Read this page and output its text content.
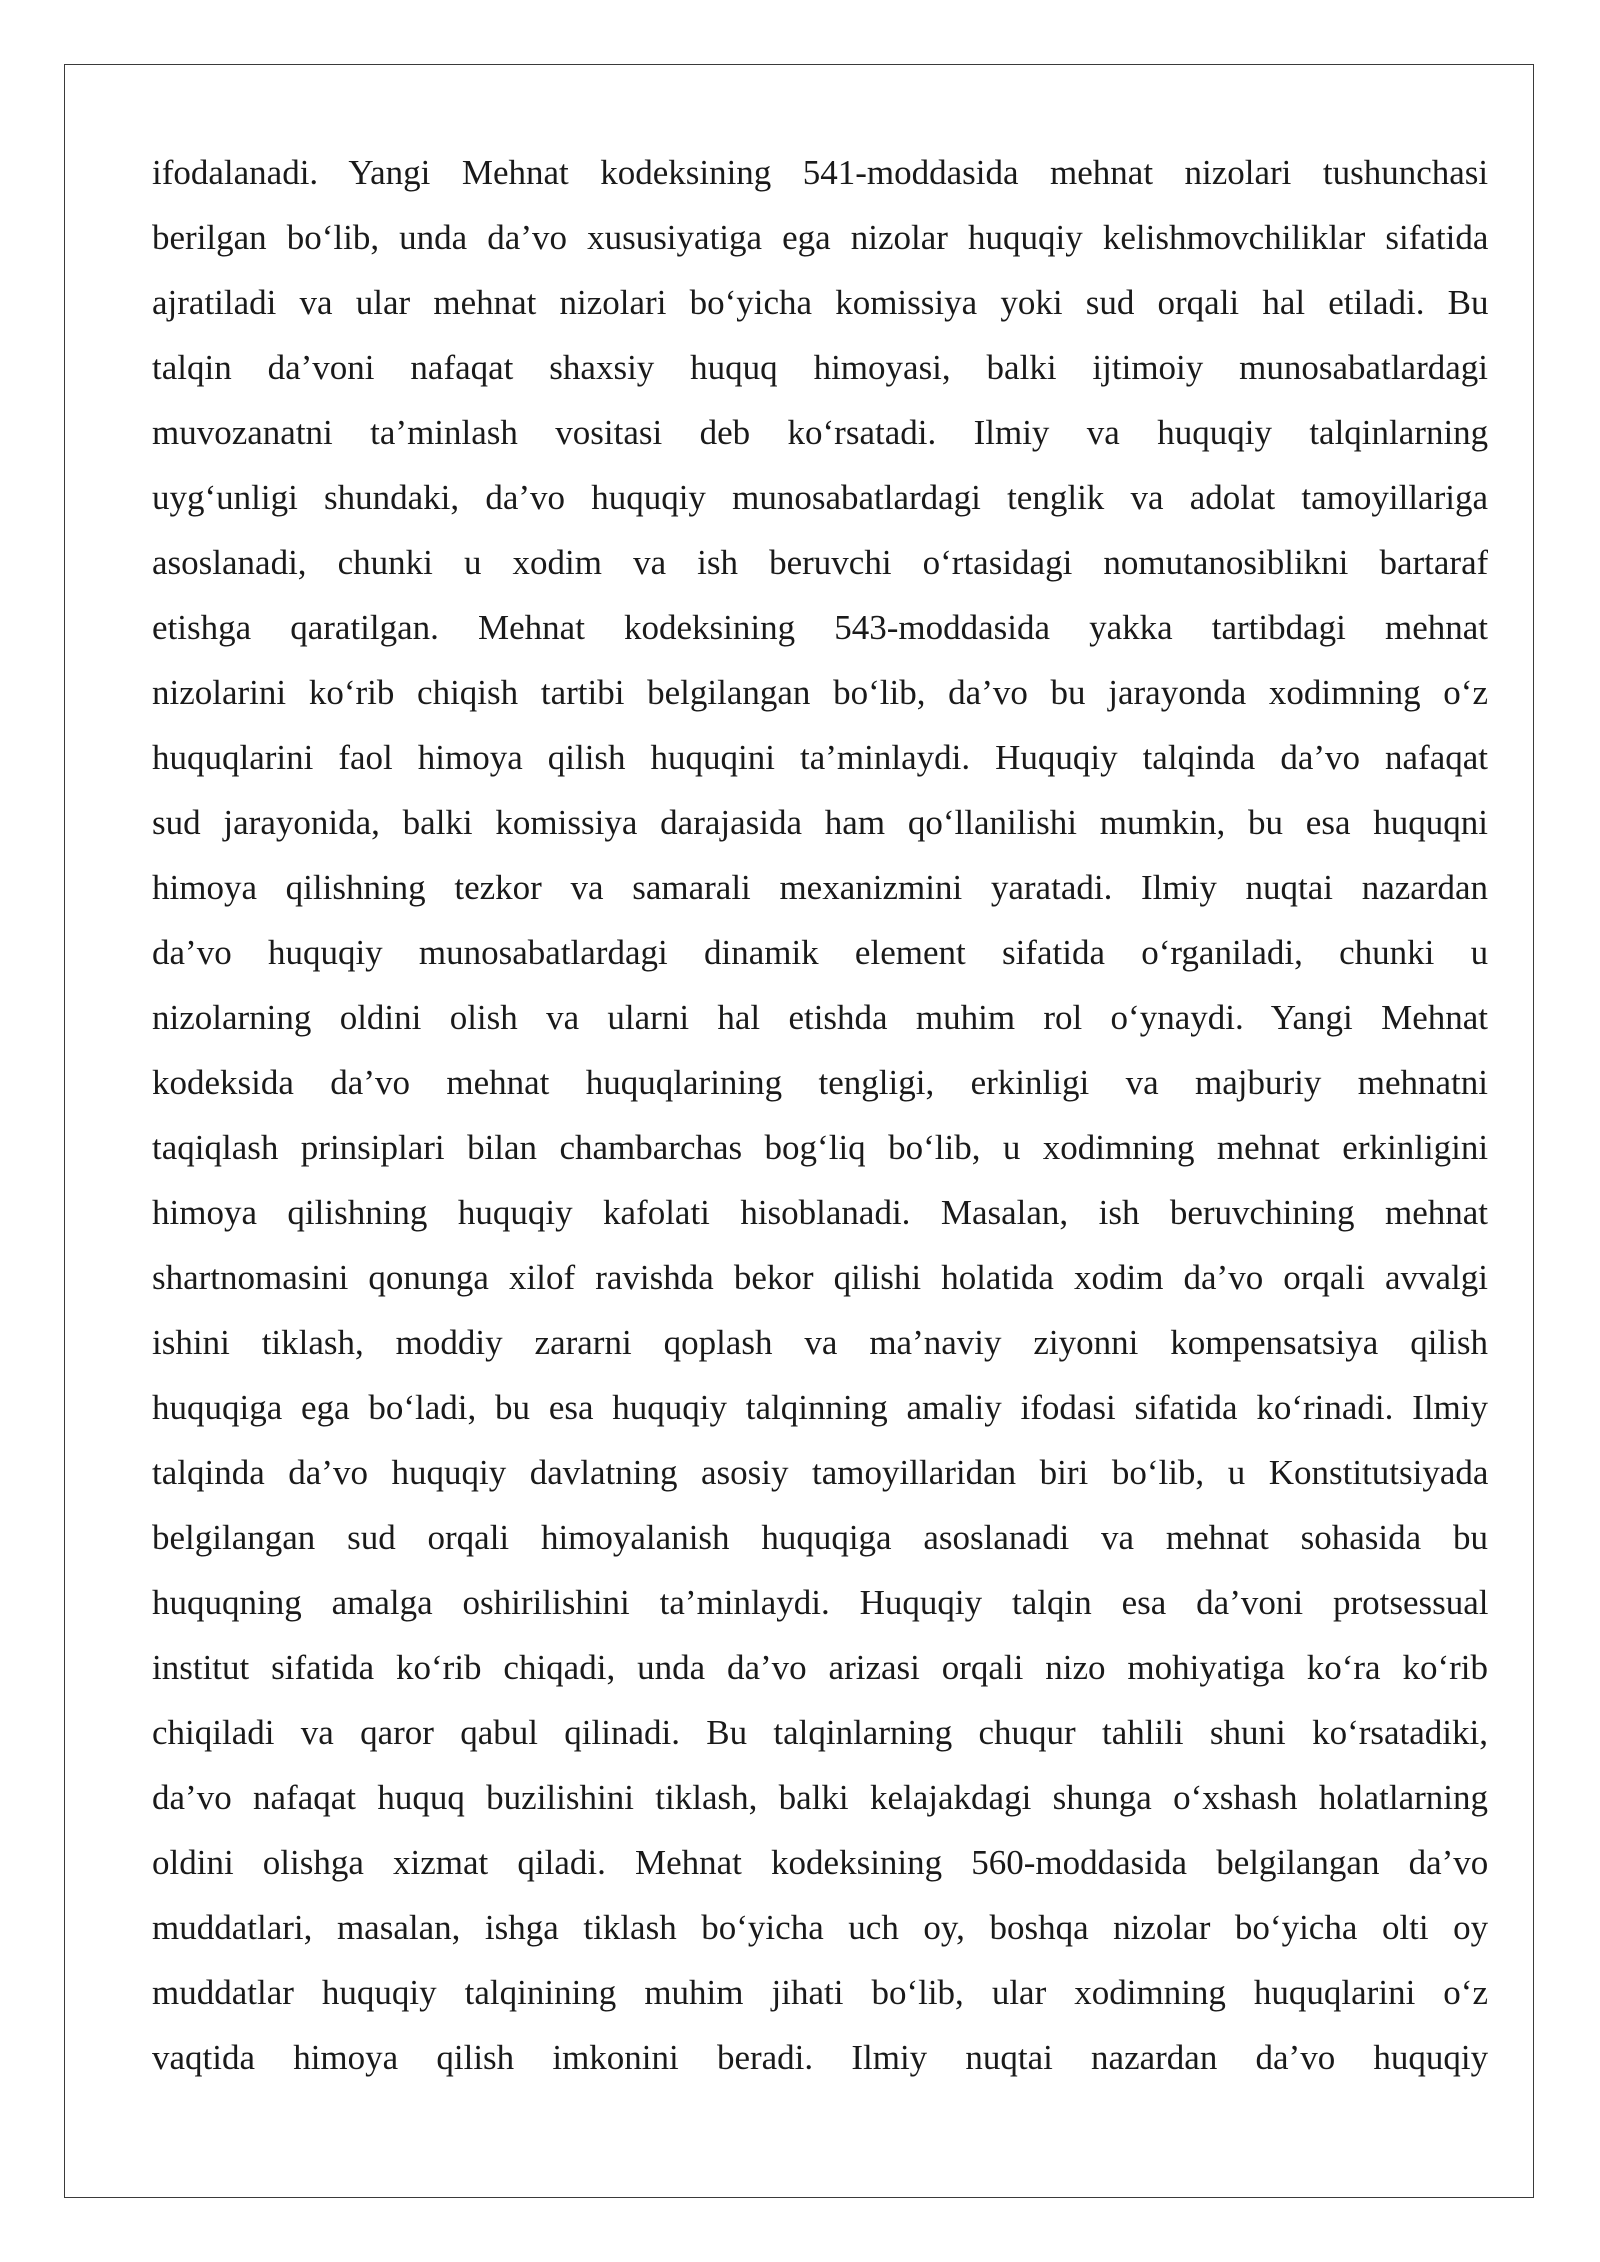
ifodalanadi. Yangi Mehnat kodeksining 541-moddasida mehnat nizolari tushunchasi
berilgan bo‘lib, unda da’vo xususiyatiga ega nizolar huquqiy kelishmovchiliklar sifatida
ajratiladi va ular mehnat nizolari bo‘yicha komissiya yoki sud orqali hal etiladi. Bu
talqin da’voni nafaqat shaxsiy huquq himoyasi, balki ijtimoiy munosabatlardagi
muvozanatni ta’minlash vositasi deb ko‘rsatadi. Ilmiy va huquqiy talqinlarning
uyg‘unligi shundaki, da’vo huquqiy munosabatlardagi tenglik va adolat tamoyillariga
asoslanadi, chunki u xodim va ish beruvchi o‘rtasidagi nomutanosiblikni bartaraf
etishga qaratilgan. Mehnat kodeksining 543-moddasida yakka tartibdagi mehnat
nizolarini ko‘rib chiqish tartibi belgilangan bo‘lib, da’vo bu jarayonda xodimning o‘z
huquqlarini faol himoya qilish huquqini ta’minlaydi. Huquqiy talqinda da’vo nafaqat
sud jarayonida, balki komissiya darajasida ham qo‘llanilishi mumkin, bu esa huquqni
himoya qilishning tezkor va samarali mexanizmini yaratadi. Ilmiy nuqtai nazardan
da’vo huquqiy munosabatlardagi dinamik element sifatida o‘rganiladi, chunki u
nizolarning oldini olish va ularni hal etishda muhim rol o‘ynaydi. Yangi Mehnat
kodeksida da’vo mehnat huquqlarining tengligi, erkinligi va majburiy mehnatni
taqiqlash prinsiplari bilan chambarchas bog‘liq bo‘lib, u xodimning mehnat erkinligini
himoya qilishning huquqiy kafolati hisoblanadi. Masalan, ish beruvchining mehnat
shartnomasini qonunga xilof ravishda bekor qilishi holatida xodim da’vo orqali avvalgi
ishini tiklash, moddiy zararni qoplash va ma’naviy ziyonni kompensatsiya qilish
huquqiga ega bo‘ladi, bu esa huquqiy talqinning amaliy ifodasi sifatida ko‘rinadi. Ilmiy
talqinda da’vo huquqiy davlatning asosiy tamoyillaridan biri bo‘lib, u Konstitutsiyada
belgilangan sud orqali himoyalanish huquqiga asoslanadi va mehnat sohasida bu
huquqning amalga oshirilishini ta’minlaydi. Huquqiy talqin esa da’voni protsessual
institut sifatida ko‘rib chiqadi, unda da’vo arizasi orqali nizo mohiyatiga ko‘ra ko‘rib
chiqiladi va qaror qabul qilinadi. Bu talqinlarning chuqur tahlili shuni ko‘rsatadiki,
da’vo nafaqat huquq buzilishini tiklash, balki kelajakdagi shunga o‘xshash holatlarning
oldini olishga xizmat qiladi. Mehnat kodeksining 560-moddasida belgilangan da’vo
muddatlari, masalan, ishga tiklash bo‘yicha uch oy, boshqa nizolar bo‘yicha olti oy
muddatlar huquqiy talqinining muhim jihati bo‘lib, ular xodimning huquqlarini o‘z
vaqtida himoya qilish imkonini beradi. Ilmiy nuqtai nazardan da’vo huquqiy
